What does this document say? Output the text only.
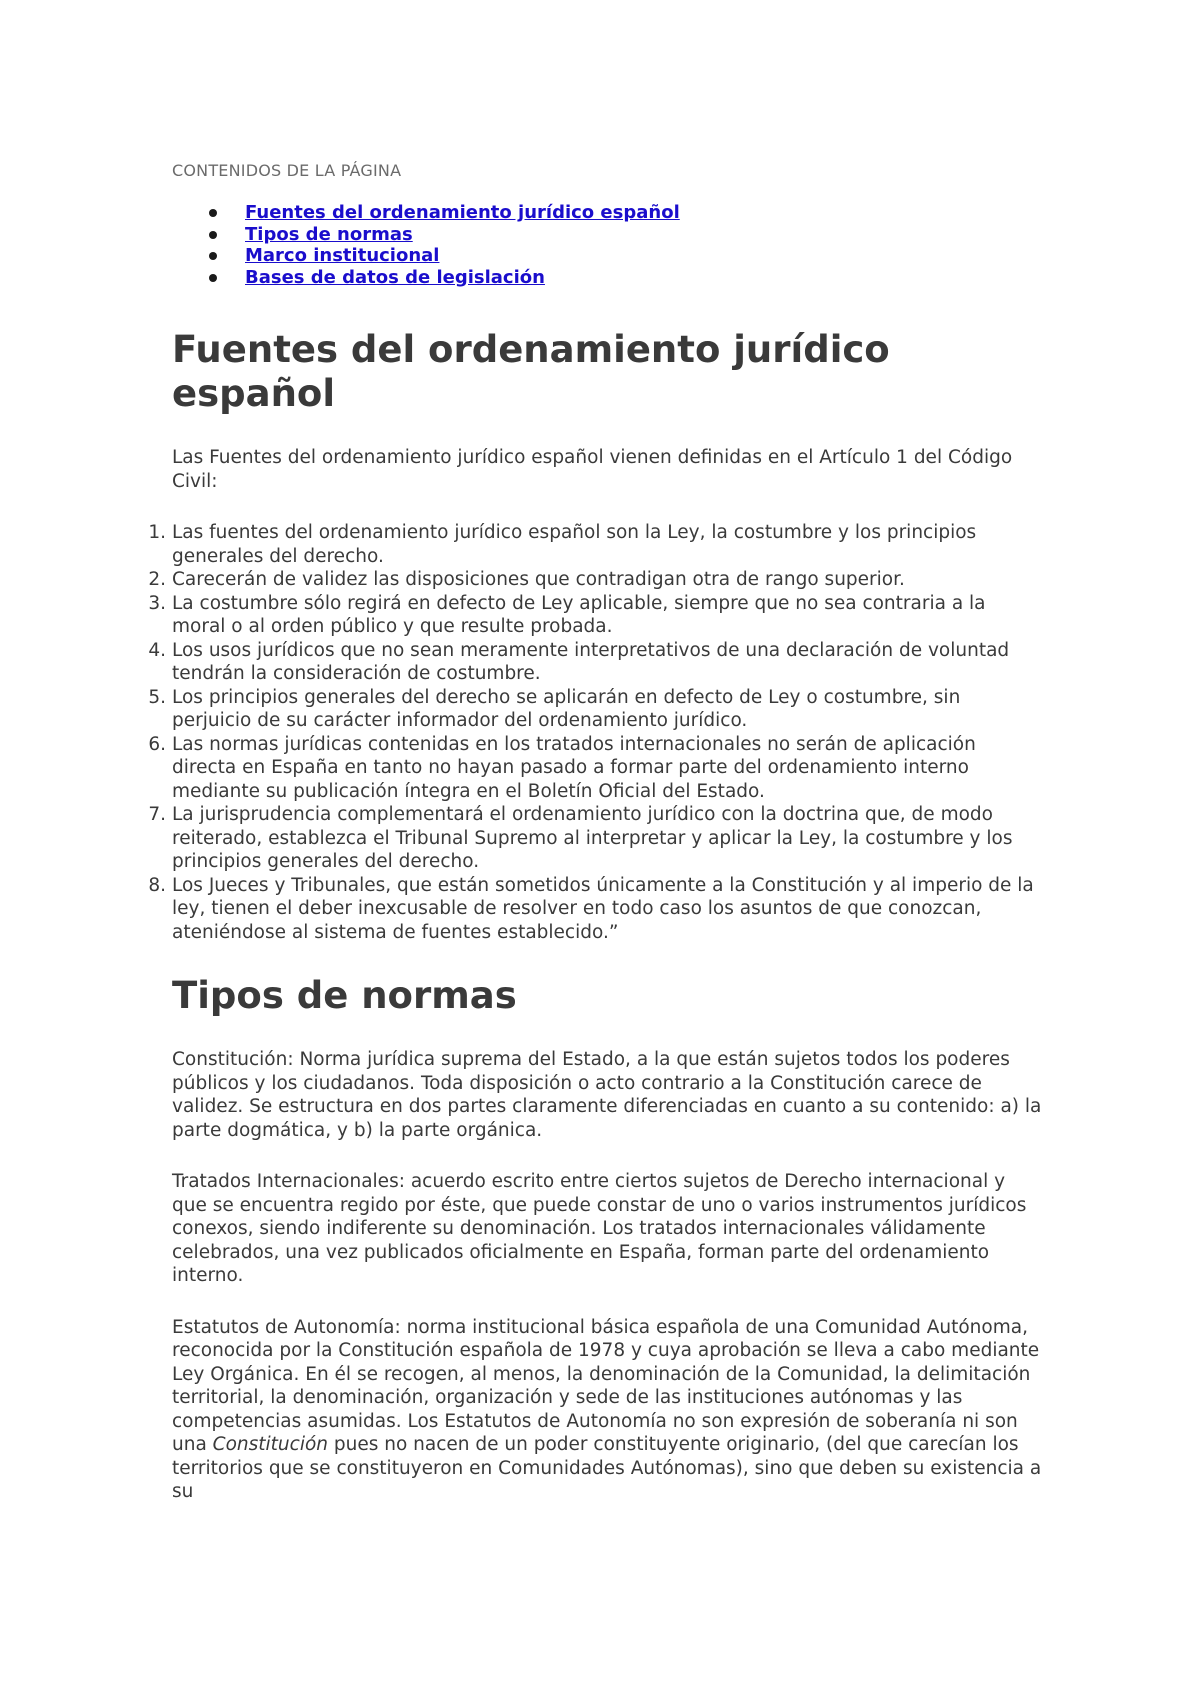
CONTENIDOS DE LA PÁGINA
Fuentes del ordenamiento jurídico español
Tipos de normas
Marco institucional
Bases de datos de legislación
Fuentes del ordenamiento jurídico español

Las Fuentes del ordenamiento jurídico español vienen definidas en el Artículo 1 del Código Civil:

1. Las fuentes del ordenamiento jurídico español son la Ley, la costumbre y los principios generales del derecho.
2. Carecerán de validez las disposiciones que contradigan otra de rango superior.
3. La costumbre sólo regirá en defecto de Ley aplicable, siempre que no sea contraria a la moral o al orden público y que resulte probada.
4. Los usos jurídicos que no sean meramente interpretativos de una declaración de voluntad tendrán la consideración de costumbre.
5. Los principios generales del derecho se aplicarán en defecto de Ley o costumbre, sin perjuicio de su carácter informador del ordenamiento jurídico.
6. Las normas jurídicas contenidas en los tratados internacionales no serán de aplicación directa en España en tanto no hayan pasado a formar parte del ordenamiento interno mediante su publicación íntegra en el Boletín Oficial del Estado.
7. La jurisprudencia complementará el ordenamiento jurídico con la doctrina que, de modo reiterado, establezca el Tribunal Supremo al interpretar y aplicar la Ley, la costumbre y los principios generales del derecho.
8. Los Jueces y Tribunales, que están sometidos únicamente a la Constitución y al imperio de la ley, tienen el deber inexcusable de resolver en todo caso los asuntos de que conozcan, ateniéndose al sistema de fuentes establecido.”
Tipos de normas

Constitución: Norma jurídica suprema del Estado, a la que están sujetos todos los poderes públicos y los ciudadanos. Toda disposición o acto contrario a la Constitución carece de validez. Se estructura en dos partes claramente diferenciadas en cuanto a su contenido: a) la parte dogmática, y b) la parte orgánica.

Tratados Internacionales: acuerdo escrito entre ciertos sujetos de Derecho internacional y que se encuentra regido por éste, que puede constar de uno o varios instrumentos jurídicos conexos, siendo indiferente su denominación. Los tratados internacionales válidamente celebrados, una vez publicados oficialmente en España, forman parte del ordenamiento interno.

Estatutos de Autonomía: norma institucional básica española de una Comunidad Autónoma, reconocida por la Constitución española de 1978 y cuya aprobación se lleva a cabo mediante Ley Orgánica. En él se recogen, al menos, la denominación de la Comunidad, la delimitación territorial, la denominación, organización y sede de las instituciones autónomas y las competencias asumidas. Los Estatutos de Autonomía no son expresión de soberanía ni son una Constitución pues no nacen de un poder constituyente originario, (del que carecían los territorios que se constituyeron en Comunidades Autónomas), sino que deben su existencia a su
